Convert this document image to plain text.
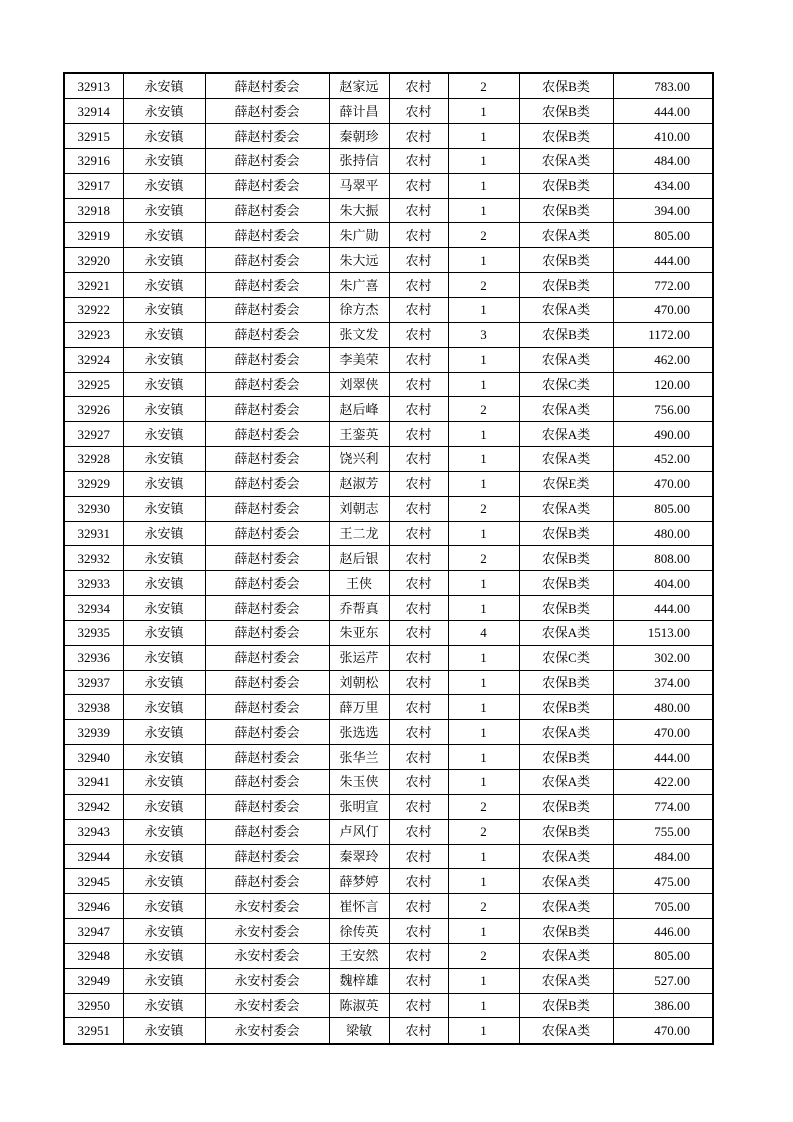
32913	永安镇	薛赵村委会	赵家远	农村	2	农保B类	783.00
32914	永安镇	薛赵村委会	薛计昌	农村	1	农保B类	444.00
32915	永安镇	薛赵村委会	秦朝珍	农村	1	农保B类	410.00
32916	永安镇	薛赵村委会	张持信	农村	1	农保A类	484.00
32917	永安镇	薛赵村委会	马翠平	农村	1	农保B类	434.00
32918	永安镇	薛赵村委会	朱大振	农村	1	农保B类	394.00
32919	永安镇	薛赵村委会	朱广勋	农村	2	农保A类	805.00
32920	永安镇	薛赵村委会	朱大远	农村	1	农保B类	444.00
32921	永安镇	薛赵村委会	朱广喜	农村	2	农保B类	772.00
32922	永安镇	薛赵村委会	徐方杰	农村	1	农保A类	470.00
32923	永安镇	薛赵村委会	张文发	农村	3	农保B类	1172.00
32924	永安镇	薛赵村委会	李美荣	农村	1	农保A类	462.00
32925	永安镇	薛赵村委会	刘翠侠	农村	1	农保C类	120.00
32926	永安镇	薛赵村委会	赵后峰	农村	2	农保A类	756.00
32927	永安镇	薛赵村委会	王銮英	农村	1	农保A类	490.00
32928	永安镇	薛赵村委会	饶兴利	农村	1	农保A类	452.00
32929	永安镇	薛赵村委会	赵淑芳	农村	1	农保E类	470.00
32930	永安镇	薛赵村委会	刘朝志	农村	2	农保A类	805.00
32931	永安镇	薛赵村委会	王二龙	农村	1	农保B类	480.00
32932	永安镇	薛赵村委会	赵后银	农村	2	农保B类	808.00
32933	永安镇	薛赵村委会	王侠	农村	1	农保B类	404.00
32934	永安镇	薛赵村委会	乔帮真	农村	1	农保B类	444.00
32935	永安镇	薛赵村委会	朱亚东	农村	4	农保A类	1513.00
32936	永安镇	薛赵村委会	张运芹	农村	1	农保C类	302.00
32937	永安镇	薛赵村委会	刘朝松	农村	1	农保B类	374.00
32938	永安镇	薛赵村委会	薛万里	农村	1	农保B类	480.00
32939	永安镇	薛赵村委会	张选选	农村	1	农保A类	470.00
32940	永安镇	薛赵村委会	张华兰	农村	1	农保B类	444.00
32941	永安镇	薛赵村委会	朱玉侠	农村	1	农保A类	422.00
32942	永安镇	薛赵村委会	张明宣	农村	2	农保B类	774.00
32943	永安镇	薛赵村委会	卢风仃	农村	2	农保B类	755.00
32944	永安镇	薛赵村委会	秦翠玲	农村	1	农保A类	484.00
32945	永安镇	薛赵村委会	薛梦婷	农村	1	农保A类	475.00
32946	永安镇	永安村委会	崔怀言	农村	2	农保A类	705.00
32947	永安镇	永安村委会	徐传英	农村	1	农保B类	446.00
32948	永安镇	永安村委会	王安然	农村	2	农保A类	805.00
32949	永安镇	永安村委会	魏梓雄	农村	1	农保A类	527.00
32950	永安镇	永安村委会	陈淑英	农村	1	农保B类	386.00
32951	永安镇	永安村委会	梁敏	农村	1	农保A类	470.00
